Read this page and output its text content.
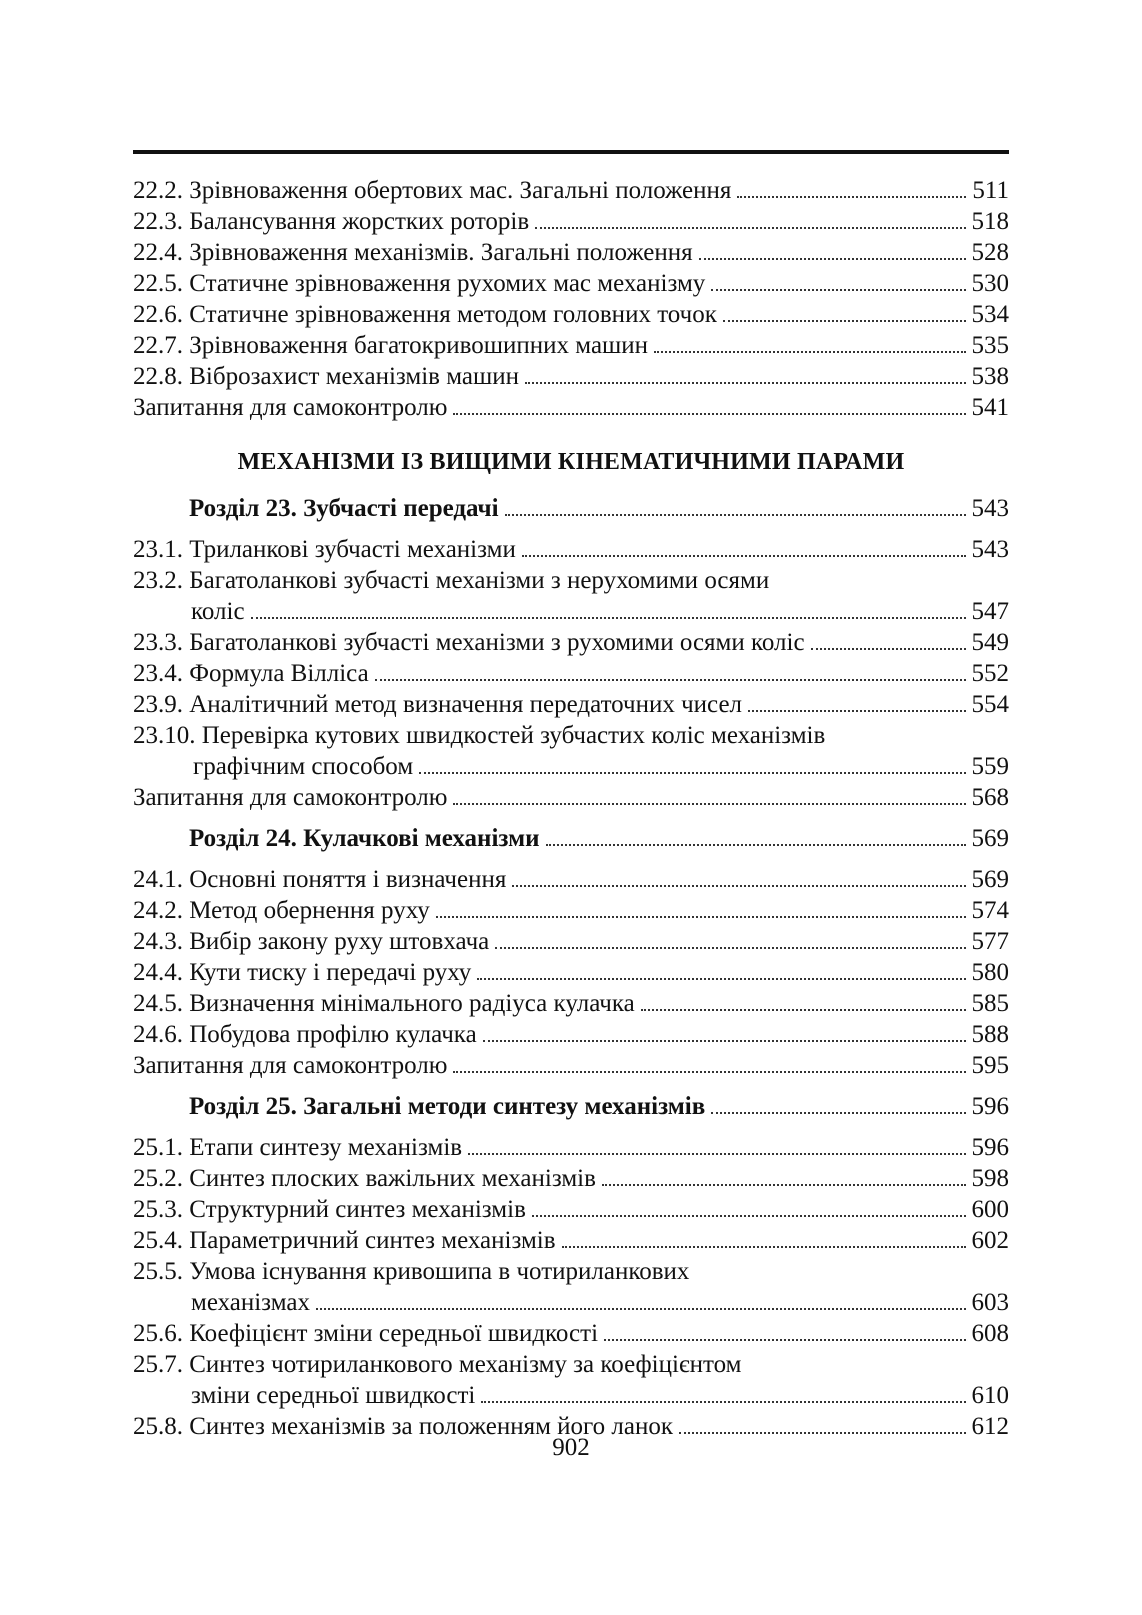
22.2. Зрівноваження обертових мас. Загальні положення	511
22.3. Балансування жорстких роторів	518
22.4. Зрівноваження механізмів. Загальні положення	528
22.5. Статичне зрівноваження рухомих мас механізму	530
22.6. Статичне зрівноваження методом головних точок	534
22.7. Зрівноваження багатокривошипних машин	535
22.8. Віброзахист механізмів машин	538
Запитання для самоконтролю	541
МЕХАНІЗМИ ІЗ ВИЩИМИ КІНЕМАТИЧНИМИ ПАРАМИ
Розділ 23. Зубчасті передачі	543
23.1. Триланкові зубчасті механізми	543
23.2. Багатоланкові зубчасті механізми з нерухомими осями
коліс	547
23.3. Багатоланкові зубчасті механізми з рухомими осями коліс	549
23.4. Формула Вілліса	552
23.9. Аналітичний метод визначення передаточних чисел	554
23.10. Перевірка кутових швидкостей зубчастих коліс механізмів
графічним способом	559
Запитання для самоконтролю	568
Розділ 24. Кулачкові механізми	569
24.1. Основні поняття і визначення	569
24.2. Метод обернення руху	574
24.3. Вибір закону руху штовхача	577
24.4. Кути тиску і передачі руху	580
24.5. Визначення мінімального радіуса кулачка	585
24.6. Побудова профілю кулачка	588
Запитання для самоконтролю	595
Розділ 25. Загальні методи синтезу механізмів	596
25.1. Етапи синтезу механізмів	596
25.2. Синтез плоских важільних механізмів	598
25.3. Структурний синтез механізмів	600
25.4. Параметричний синтез механізмів	602
25.5. Умова існування кривошипа в чотириланкових
механізмах	603
25.6. Коефіцієнт зміни середньої швидкості	608
25.7. Синтез чотириланкового механізму за коефіцієнтом
зміни середньої швидкості	610
25.8. Синтез механізмів за положенням його ланок	612
902
